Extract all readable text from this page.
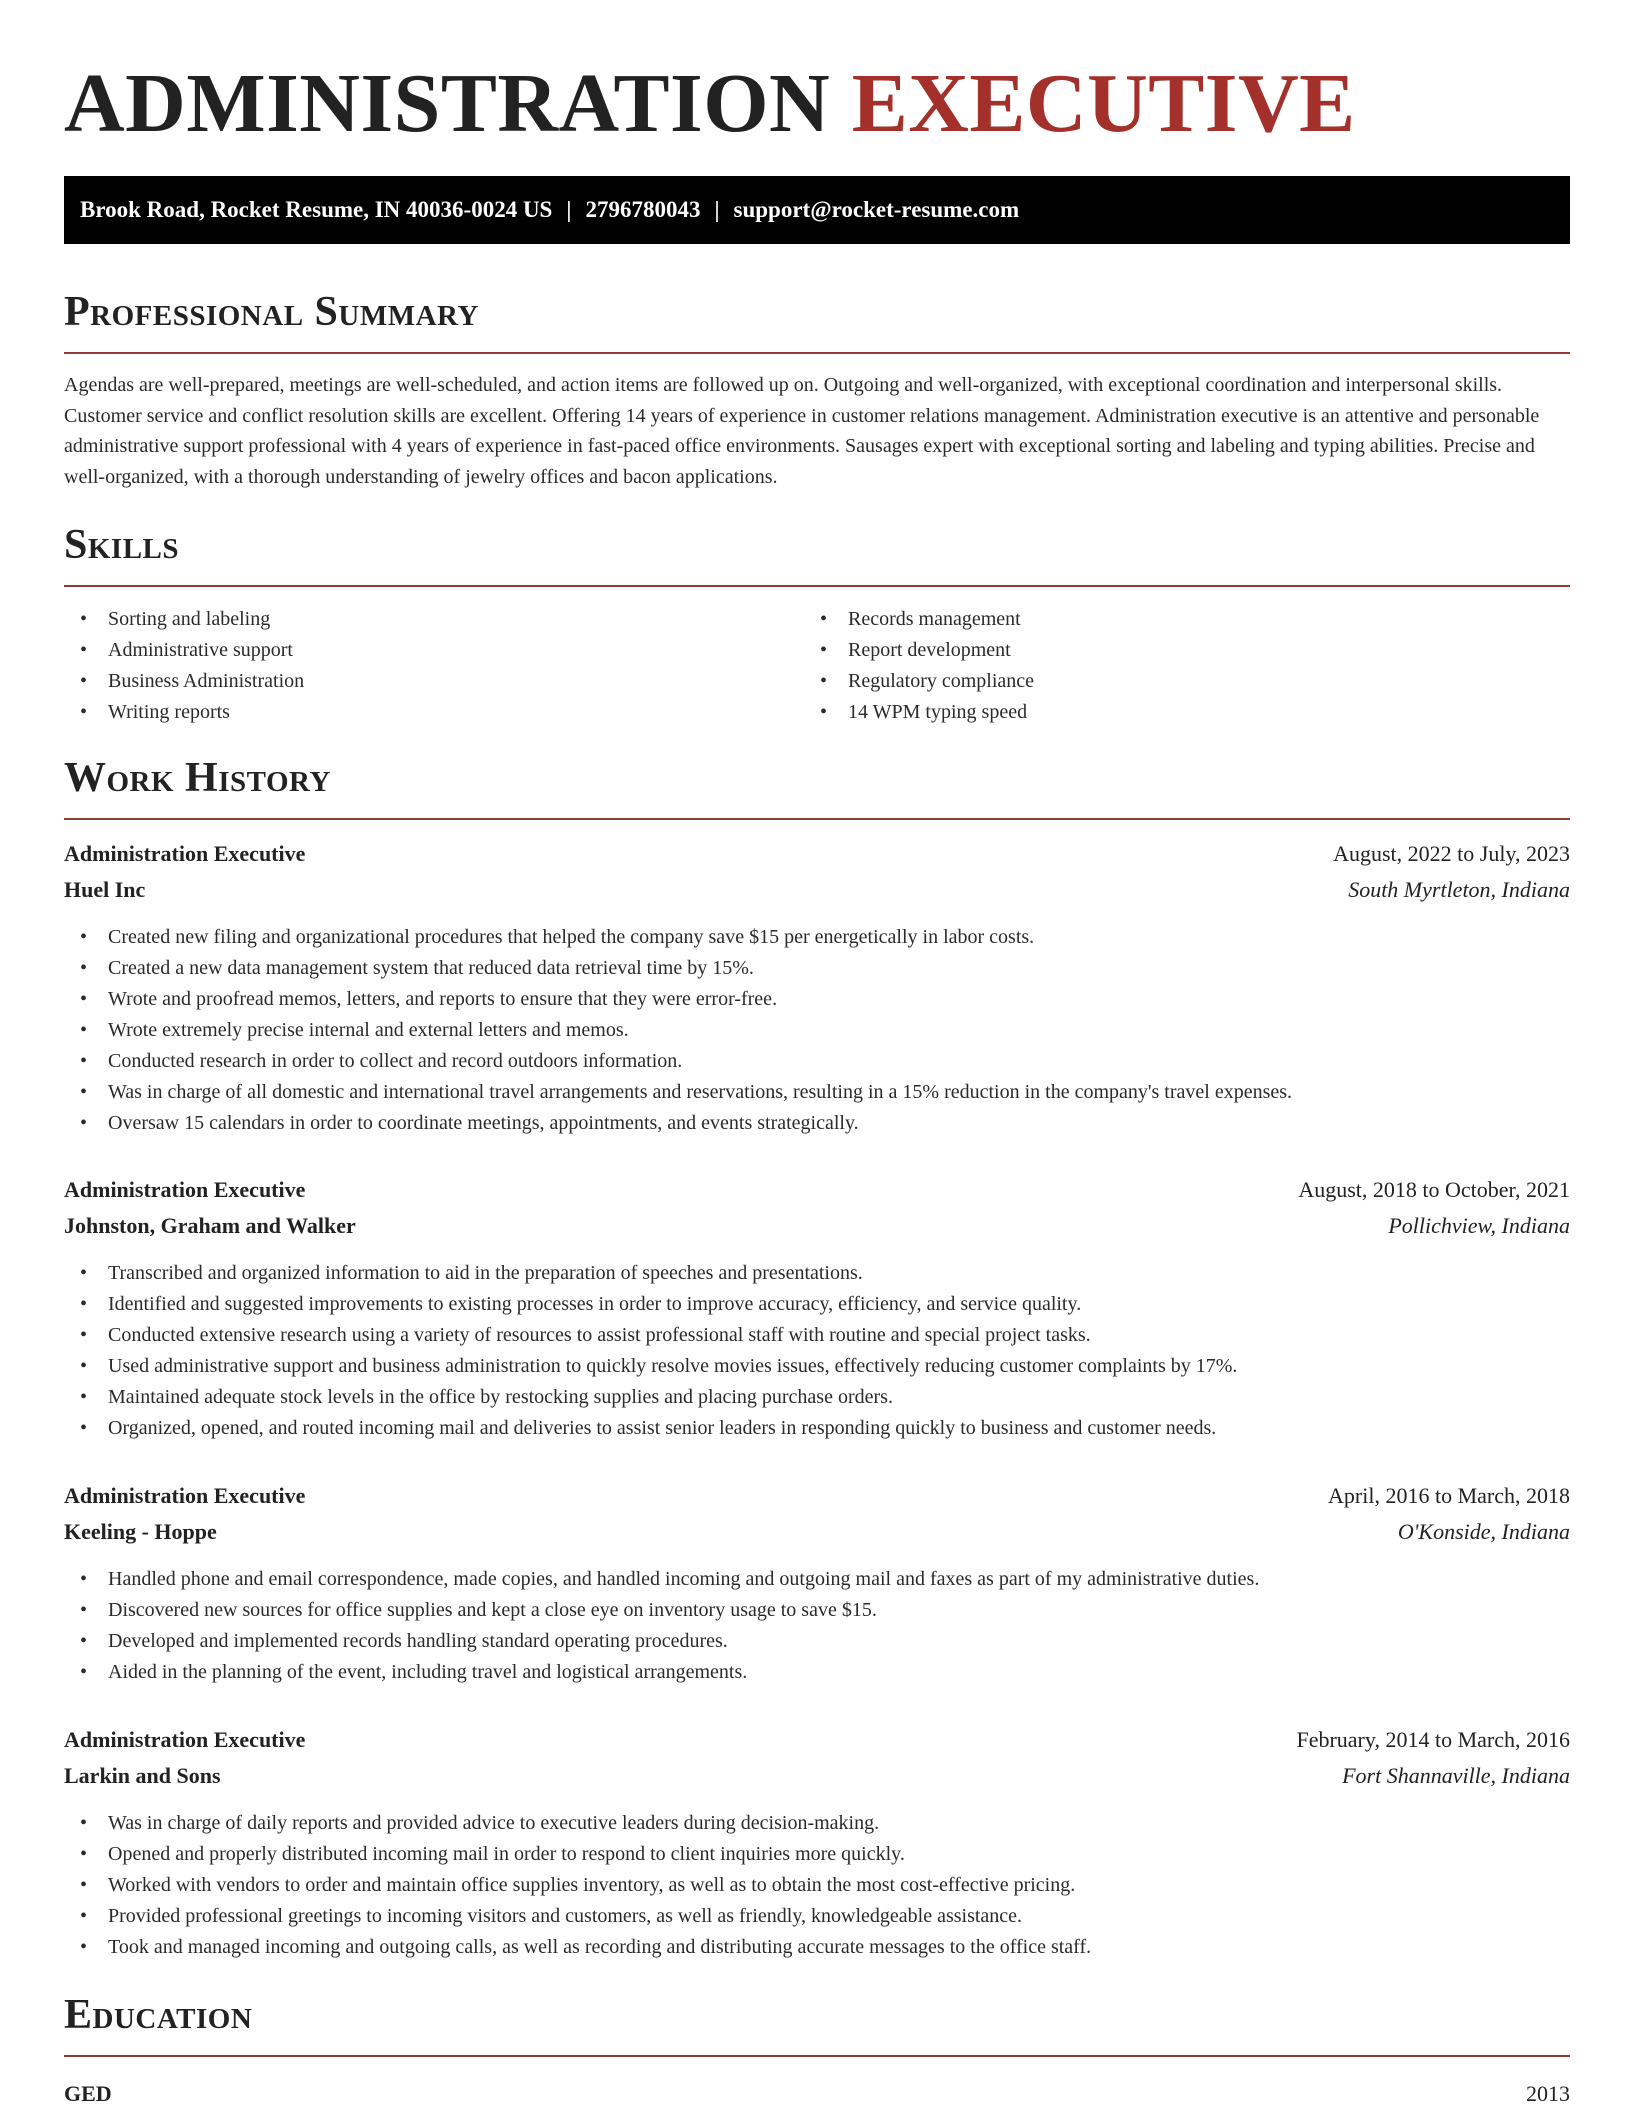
ADMINISTRATION EXECUTIVE
Brook Road, Rocket Resume, IN 40036-0024 US | 2796780043 | support@rocket-resume.com
Professional Summary

Agendas are well-prepared, meetings are well-scheduled, and action items are followed up on. Outgoing and well-organized, with exceptional coordination and interpersonal skills. Customer service and conflict resolution skills are excellent. Offering 14 years of experience in customer relations management. Administration executive is an attentive and personable administrative support professional with 4 years of experience in fast-paced office environments. Sausages expert with exceptional sorting and labeling and typing abilities. Precise and well-organized, with a thorough understanding of jewelry offices and bacon applications.

Skills
• Sorting and labeling
• Administrative support
• Business Administration
• Writing reports
• Records management
• Report development
• Regulatory compliance
• 14 WPM typing speed
Work History
Administration Executive	August, 2022 to July, 2023
Huel Inc	South Myrtleton, Indiana
• Created new filing and organizational procedures that helped the company save $15 per energetically in labor costs.
• Created a new data management system that reduced data retrieval time by 15%.
• Wrote and proofread memos, letters, and reports to ensure that they were error-free.
• Wrote extremely precise internal and external letters and memos.
• Conducted research in order to collect and record outdoors information.
• Was in charge of all domestic and international travel arrangements and reservations, resulting in a 15% reduction in the company's travel expenses.
• Oversaw 15 calendars in order to coordinate meetings, appointments, and events strategically.
Administration Executive	August, 2018 to October, 2021
Johnston, Graham and Walker	Pollichview, Indiana
• Transcribed and organized information to aid in the preparation of speeches and presentations.
• Identified and suggested improvements to existing processes in order to improve accuracy, efficiency, and service quality.
• Conducted extensive research using a variety of resources to assist professional staff with routine and special project tasks.
• Used administrative support and business administration to quickly resolve movies issues, effectively reducing customer complaints by 17%.
• Maintained adequate stock levels in the office by restocking supplies and placing purchase orders.
• Organized, opened, and routed incoming mail and deliveries to assist senior leaders in responding quickly to business and customer needs.
Administration Executive	April, 2016 to March, 2018
Keeling - Hoppe	O'Konside, Indiana
• Handled phone and email correspondence, made copies, and handled incoming and outgoing mail and faxes as part of my administrative duties.
• Discovered new sources for office supplies and kept a close eye on inventory usage to save $15.
• Developed and implemented records handling standard operating procedures.
• Aided in the planning of the event, including travel and logistical arrangements.
Administration Executive	February, 2014 to March, 2016
Larkin and Sons	Fort Shannaville, Indiana
• Was in charge of daily reports and provided advice to executive leaders during decision-making.
• Opened and properly distributed incoming mail in order to respond to client inquiries more quickly.
• Worked with vendors to order and maintain office supplies inventory, as well as to obtain the most cost-effective pricing.
• Provided professional greetings to incoming visitors and customers, as well as friendly, knowledgeable assistance.
• Took and managed incoming and outgoing calls, as well as recording and distributing accurate messages to the office staff.
Education
GED	2013
